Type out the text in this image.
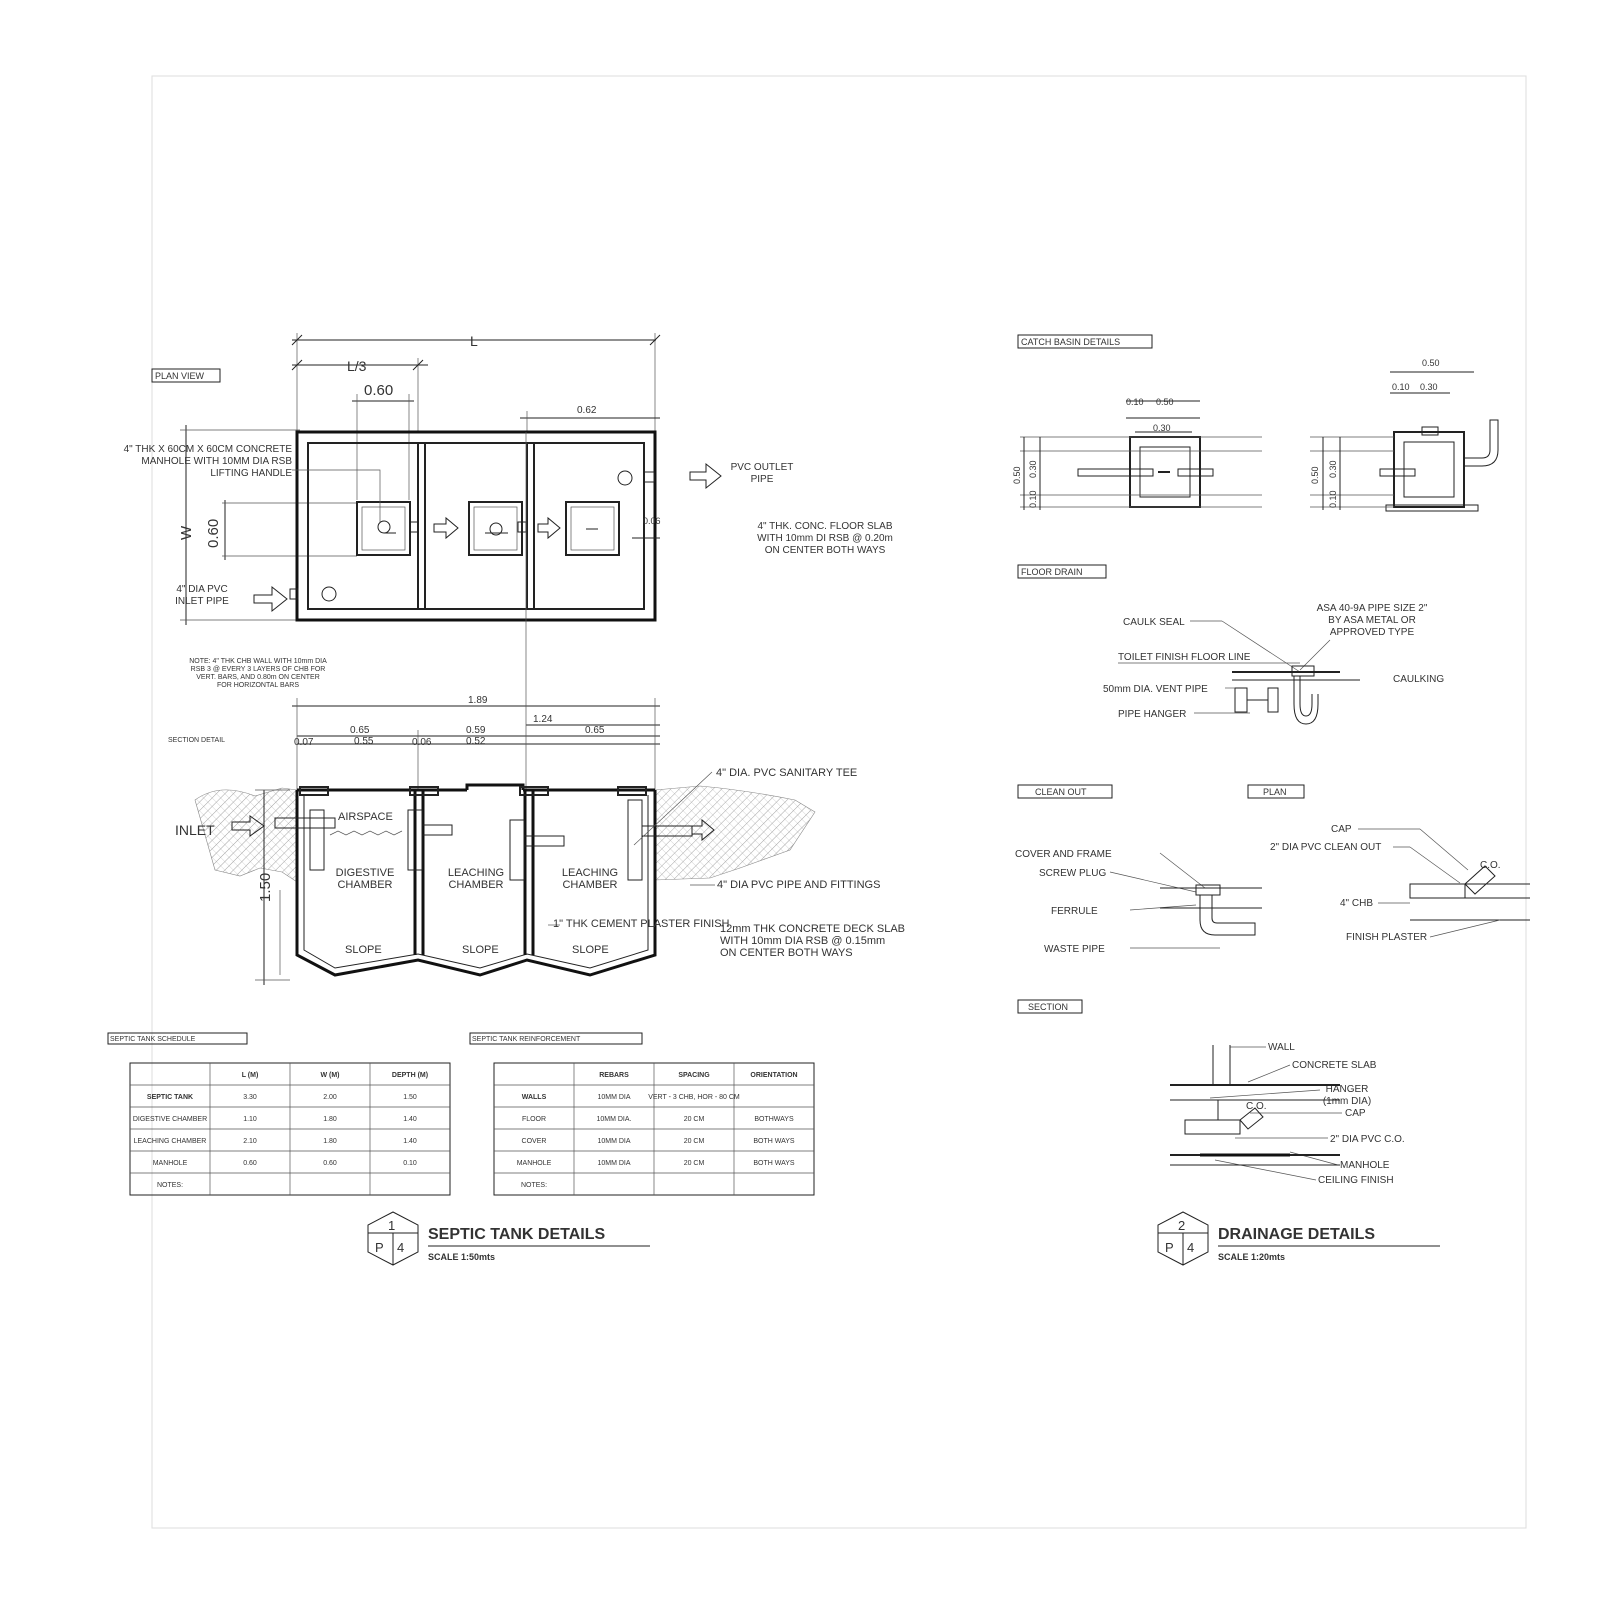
PLAN VIEW
L
L/3
0.60
0.62
W 0.60	0.06
4" THK X 60CM X 60CM CONCRETE
MANHOLE WITH 10MM DIA RSB
LIFTING HANDLE
PVC OUTLET
PIPE
4" THK. CONC. FLOOR SLAB
WITH 10mm DI RSB @ 0.20m
ON CENTER BOTH WAYS
4" DIA PVC
INLET PIPE
NOTE: 4" THK CHB WALL WITH 10mm DIA
RSB 3 @ EVERY 3 LAYERS OF CHB FOR
VERT. BARS, AND 0.80m ON CENTER
FOR HORIZONTAL BARS
SECTION DETAIL
1.89
1.24
0.65
0.55
0.59
0.52
0.65
0.07	0.06
1.50
INLET
AIRSPACE
DIGESTIVE
CHAMBER
LEACHING
CHAMBER
LEACHING
CHAMBER
SLOPE	SLOPE	SLOPE
4" DIA. PVC SANITARY TEE
4" DIA PVC PIPE AND FITTINGS
1" THK CEMENT PLASTER FINISH
12mm THK CONCRETE DECK SLAB
WITH 10mm DIA RSB @ 0.15mm
ON CENTER BOTH WAYS
SEPTIC TANK SCHEDULE
L (M)	W (M)	DEPTH (M)
SEPTIC TANK	3.30	2.00	1.50
DIGESTIVE CHAMBER	1.10	1.80	1.40
LEACHING CHAMBER	2.10	1.80	1.40
MANHOLE	0.60	0.60	0.10
NOTES:
SEPTIC TANK REINFORCEMENT
REBARS	SPACING	ORIENTATION
WALLS	10MM DIA	VERT - 3 CHB, HOR - 80 CM
FLOOR	10MM DIA.	20 CM	BOTHWAYS
COVER	10MM DIA	20 CM	BOTH WAYS
MANHOLE	10MM DIA	20 CM	BOTH WAYS
NOTES:
1
P 4
SEPTIC TANK DETAILS
SCALE 1:50mts
CATCH BASIN DETAILS
0.10 0.50
0.30
0.50 0.30
0.10
0.50
0.10 0.30
0.50 0.30
0.10
FLOOR DRAIN
CAULK SEAL
ASA 40-9A PIPE SIZE 2"
BY ASA METAL OR
APPROVED TYPE
TOILET FINISH FLOOR LINE
50mm DIA. VENT PIPE
CAULKING
PIPE HANGER
CLEAN OUT	PLAN
COVER AND FRAME
SCREW PLUG
FERRULE
WASTE PIPE
CAP
2" DIA PVC CLEAN OUT
C.O.
4" CHB
FINISH PLASTER
SECTION
WALL
CONCRETE SLAB
HANGER
(1mm DIA)
CAP
C.O.
2" DIA PVC C.O.
MANHOLE
CEILING FINISH
2
P 4
DRAINAGE DETAILS
SCALE 1:20mts
